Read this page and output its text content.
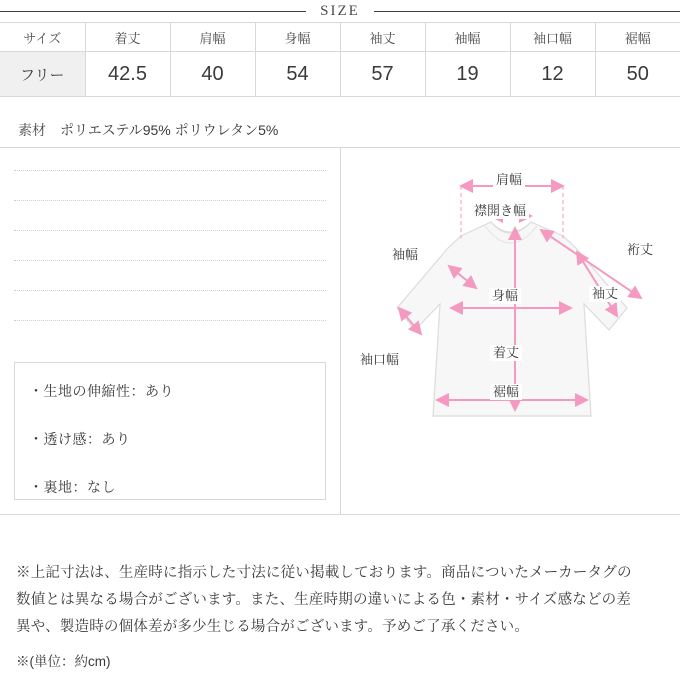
SIZE
サイズ	着丈	肩幅	身幅	袖丈	袖幅	袖口幅	裾幅
フリー	42.5	40	54	57	19	12	50
素材 ポリエステル95% ポリウレタン5%
・生地の伸縮性：あり
・透け感：あり
・裏地：なし
肩幅
襟開き幅
袖幅	裄丈
身幅	袖丈
袖口幅	着丈
裾幅
※上記寸法は、生産時に指示した寸法に従い掲載しております。商品についたメーカータグの
数値とは異なる場合がございます。また、生産時期の違いによる色・素材・サイズ感などの差
異や、製造時の個体差が多少生じる場合がございます。予めご了承ください。
※(単位：約cm)
